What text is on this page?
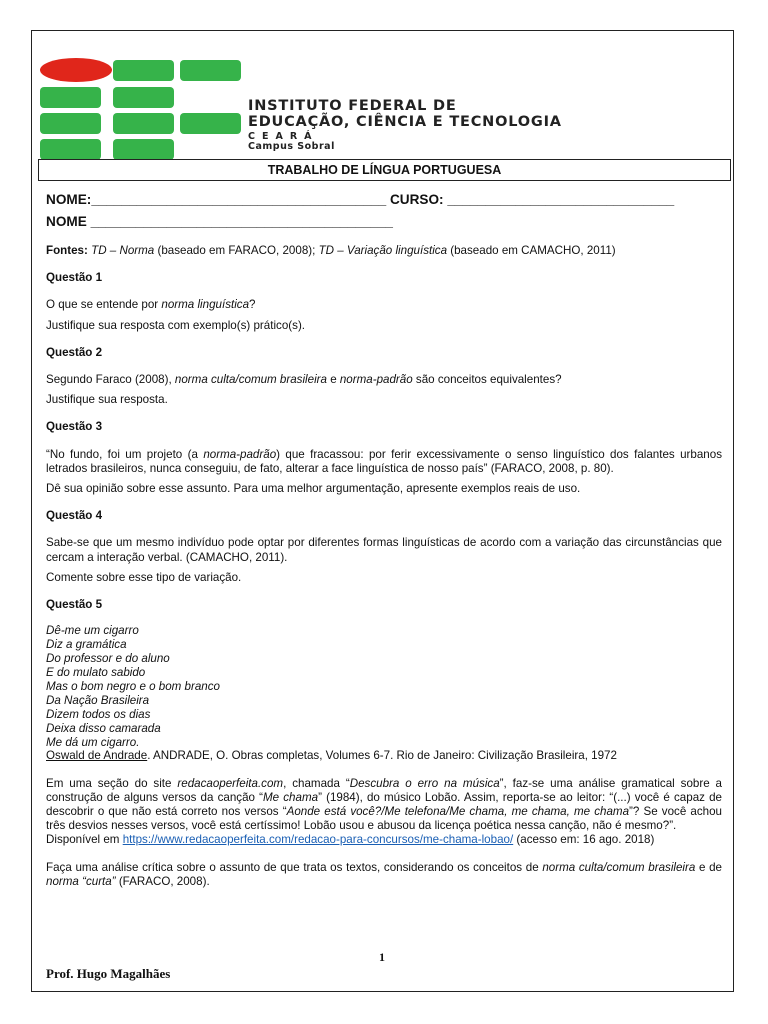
INSTITUTO FEDERAL DE
EDUCAÇÃO, CIÊNCIA E TECNOLOGIA
CEARÁ
Campus Sobral
TRABALHO DE LÍNGUA PORTUGUESA
NOME:_______________________________________ CURSO: ______________________________
NOME ________________________________________

Fontes: TD – Norma (baseado em FARACO, 2008); TD – Variação linguística (baseado em CAMACHO, 2011)

Questão 1

O que se entende por norma linguística?

Justifique sua resposta com exemplo(s) prático(s).

Questão 2

Segundo Faraco (2008), norma culta/comum brasileira e norma-padrão são conceitos equivalentes?

Justifique sua resposta.

Questão 3

“No fundo, foi um projeto (a norma-padrão) que fracassou: por ferir excessivamente o senso linguístico dos falantes urbanos letrados brasileiros, nunca conseguiu, de fato, alterar a face linguística de nosso país” (FARACO, 2008, p. 80).

Dê sua opinião sobre esse assunto. Para uma melhor argumentação, apresente exemplos reais de uso.

Questão 4

Sabe-se que um mesmo indivíduo pode optar por diferentes formas linguísticas de acordo com a variação das circunstâncias que cercam a interação verbal. (CAMACHO, 2011).

Comente sobre esse tipo de variação.

Questão 5

Dê-me um cigarro
Diz a gramática
Do professor e do aluno
E do mulato sabido
Mas o bom negro e o bom branco
Da Nação Brasileira
Dizem todos os dias
Deixa disso camarada
Me dá um cigarro.

Oswald de Andrade. ANDRADE, O. Obras completas, Volumes 6-7. Rio de Janeiro: Civilização Brasileira, 1972

Em uma seção do site redacaoperfeita.com, chamada “Descubra o erro na música”, faz-se uma análise gramatical sobre a construção de alguns versos da canção “Me chama” (1984), do músico Lobão. Assim, reporta-se ao leitor: “(...) você é capaz de descobrir o que não está correto nos versos “Aonde está você?/Me telefona/Me chama, me chama, me chama”? Se você achou três desvios nesses versos, você está certíssimo! Lobão usou e abusou da licença poética nessa canção, não é mesmo?”.

Disponível em https://www.redacaoperfeita.com/redacao-para-concursos/me-chama-lobao/ (acesso em: 16 ago. 2018)

Faça uma análise crítica sobre o assunto de que trata os textos, considerando os conceitos de norma culta/comum brasileira e de norma “curta” (FARACO, 2008).

1
Prof. Hugo Magalhães
